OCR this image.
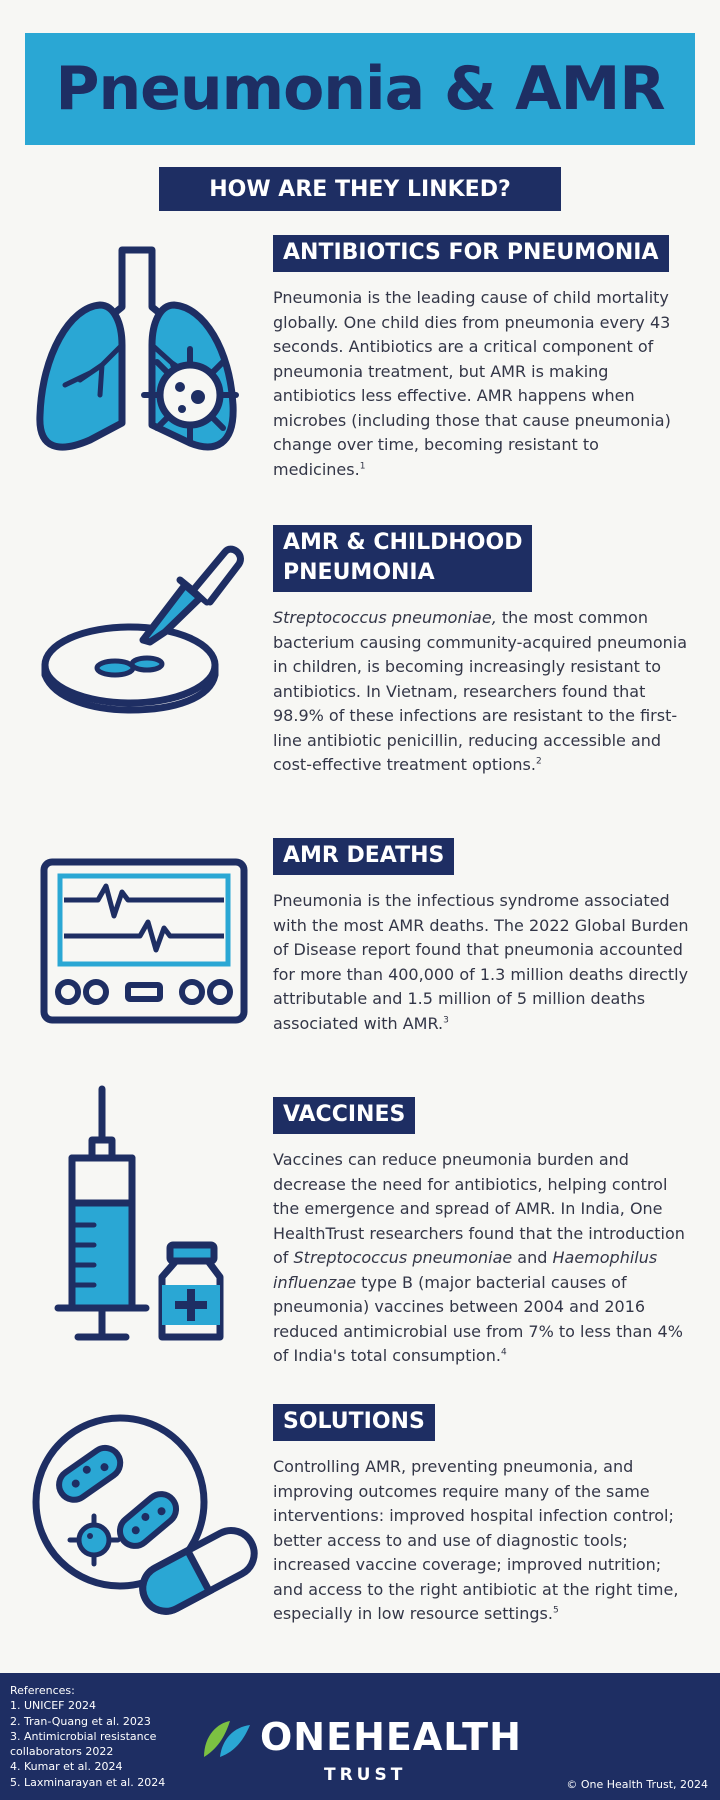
Pneumonia & AMR
HOW ARE THEY LINKED?
ANTIBIOTICS FOR PNEUMONIA
Pneumonia is the leading cause of child mortality globally. One child dies from pneumonia every 43 seconds. Antibiotics are a critical component of pneumonia treatment, but AMR is making antibiotics less effective. AMR happens when microbes (including those that cause pneumonia) change over time, becoming resistant to medicines.$^1$
AMR & CHILDHOOD
PNEUMONIA
Streptococcus pneumoniae, the most common bacterium causing community-acquired pneumonia in children, is becoming increasingly resistant to antibiotics. In Vietnam, researchers found that 98.9% of these infections are resistant to the first-line antibiotic penicillin, reducing accessible and cost-effective treatment options.$^2$
AMR DEATHS
Pneumonia is the infectious syndrome associated with the most AMR deaths. The 2022 Global Burden of Disease report found that pneumonia accounted for more than 400,000 of 1.3 million deaths directly attributable and 1.5 million of 5 million deaths associated with AMR.$^3$
VACCINES
Vaccines can reduce pneumonia burden and decrease the need for antibiotics, helping control the emergence and spread of AMR. In India, One HealthTrust researchers found that the introduction of Streptococcus pneumoniae and Haemophilus influenzae type B (major bacterial causes of pneumonia) vaccines between 2004 and 2016 reduced antimicrobial use from 7% to less than 4% of India's total consumption.$^4$
SOLUTIONS
Controlling AMR, preventing pneumonia, and improving outcomes require many of the same interventions: improved hospital infection control; better access to and use of diagnostic tools; increased vaccine coverage; improved nutrition; and access to the right antibiotic at the right time, especially in low resource settings.$^5$
References:
1. UNICEF 2024
2. Tran-Quang et al. 2023
3. Antimicrobial resistance
collaborators 2022
4. Kumar et al. 2024
5. Laxminarayan et al. 2024
ONEHEALTH
TRUST	© One Health Trust, 2024
